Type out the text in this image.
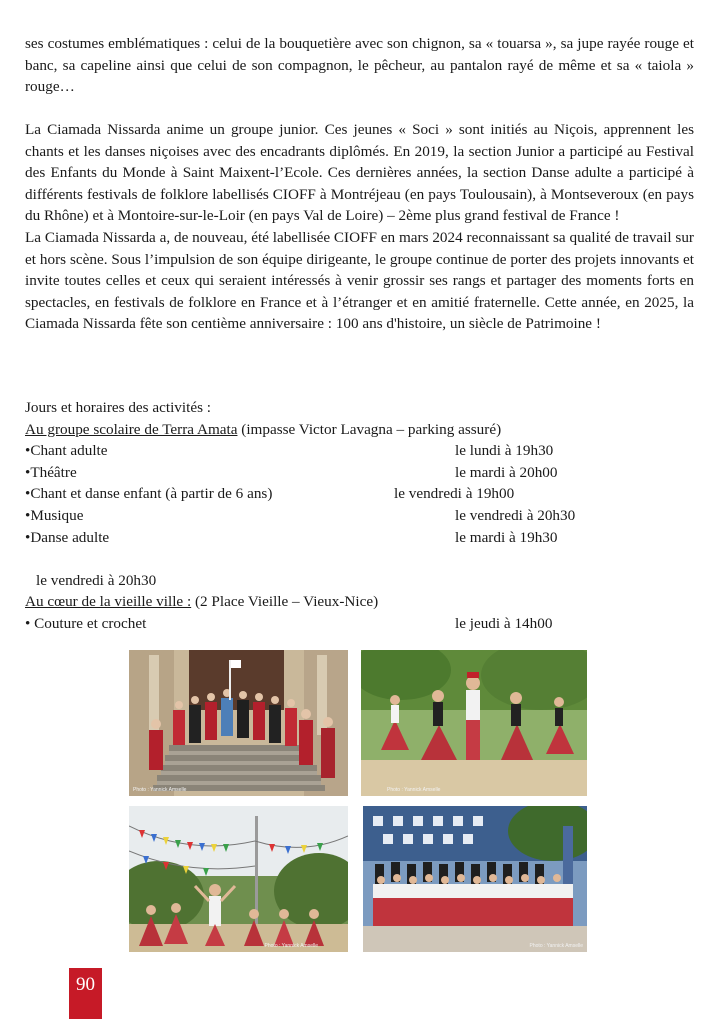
ses costumes emblématiques : celui de la bouquetière avec son chignon, sa « touarsa », sa jupe rayée rouge et banc, sa capeline ainsi que celui de son compagnon, le pêcheur, au pantalon rayé de même et sa « taiola » rouge…

La Ciamada Nissarda anime un groupe junior. Ces jeunes « Soci » sont initiés au Niçois, apprennent les chants et les danses niçoises avec des encadrants diplômés. En 2019, la section Junior a participé au Festival des Enfants du Monde à Saint Maixent-l’Ecole. Ces dernières années, la section Danse adulte a participé à différents festivals de folklore labellisés CIOFF à Montréjeau (en pays Toulousain), à Montseveroux (en pays du Rhône) et à Montoire-sur-le-Loir (en pays Val de Loire) – 2ème plus grand festival de France !

La Ciamada Nissarda a, de nouveau, été labellisée CIOFF en mars 2024 reconnaissant sa qualité de travail sur et hors scène. Sous l’impulsion de son équipe dirigeante, le groupe continue de porter des projets innovants et invite toutes celles et ceux qui seraient intéressés à venir grossir ses rangs et partager des moments forts en spectacles, en festivals de folklore en France et à l’étranger et en amitié fraternelle. Cette année, en 2025, la Ciamada Nissarda fête son centième anniversaire : 100 ans d'histoire, un siècle de Patrimoine !

Jours et horaires des activités :
Au groupe scolaire de Terra Amata (impasse Victor Lavagna – parking assuré)
•Chant adulte	le lundi à 19h30
•Théâtre	le mardi à 20h00
•Chant et danse enfant (à partir de 6 ans)	le vendredi à 19h00
•Musique	le vendredi à 20h30
•Danse adulte	le mardi à 19h30
le vendredi à 20h30
Au cœur de la vieille ville : (2 Place Vieille – Vieux-Nice)
• Couture et crochet	le jeudi à 14h00
Photo : Yannick Amselle	Photo : Yannick Amselle
Photo : Yannick Amselle	Photo : Yannick Amselle
90
